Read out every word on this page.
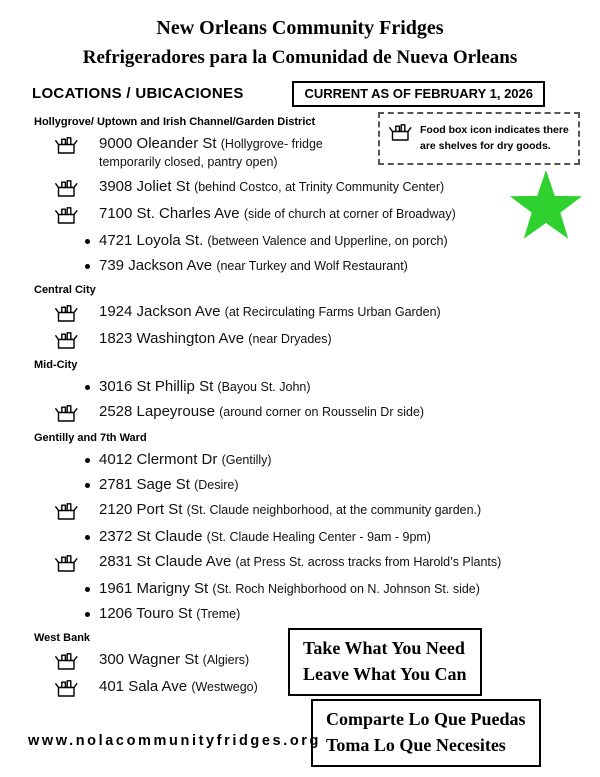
New Orleans Community Fridges
Refrigeradores para la Comunidad de Nueva Orleans
LOCATIONS / UBICACIONES	CURRENT AS OF FEBRUARY 1, 2026
Hollygrove/ Uptown and Irish Channel/Garden District
9000 Oleander St (Hollygrove- fridge temporarily closed, pantry open)
3908 Joliet St (behind Costco, at Trinity Community Center)
7100 St. Charles Ave (side of church at corner of Broadway)
4721 Loyola St. (between Valence and Upperline, on porch)
739 Jackson Ave (near Turkey and Wolf Restaurant)
Central City
1924 Jackson Ave (at Recirculating Farms Urban Garden)
1823 Washington Ave (near Dryades)
Mid-City
3016 St Phillip St (Bayou St. John)
2528 Lapeyrouse (around corner on Rousselin Dr side)
Gentilly and 7th Ward
4012 Clermont Dr (Gentilly)
2781 Sage St (Desire)
2120 Port St (St. Claude neighborhood, at the community garden.)
2372 St Claude (St. Claude Healing Center - 9am - 9pm)
2831 St Claude Ave (at Press St. across tracks from Harold’s Plants)
1961 Marigny St (St. Roch Neighborhood on N. Johnson St. side)
1206 Touro St (Treme)
West Bank
300 Wagner St (Algiers)
401 Sala Ave (Westwego)
Food box icon indicates there are shelves for dry goods.
Take What You Need
Leave What You Can
Comparte Lo Que Puedas
Toma Lo Que Necesites
www.nolacommunityfridges.org
